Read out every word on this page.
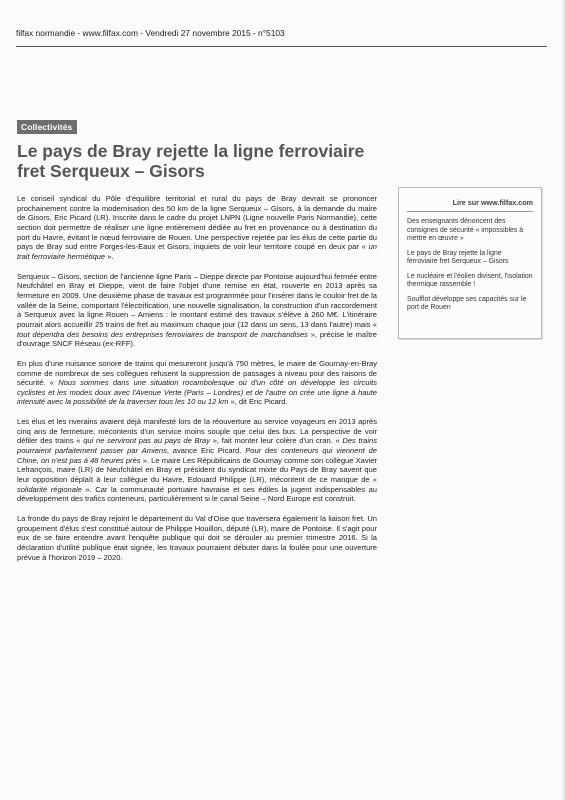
filfax normandie - www.filfax.com - Vendredi 27 novembre 2015 - n°5103
Collectivités
Le pays de Bray rejette la ligne ferroviaire fret Serqueux – Gisors

Le conseil syndical du Pôle d'équilibre territorial et rural du pays de Bray devrait se prononcer prochainement contre la modernisation des 50 km de la ligne Serqueux – Gisors, à la demande du maire de Gisors, Eric Picard (LR). Inscrite dans le cadre du projet LNPN (Ligne nouvelle Paris Normandie), cette section doit permettre de réaliser une ligne entièrement dédiée au fret en provenance ou à destination du port du Havre, évitant le nœud ferroviaire de Rouen. Une perspective rejetée par les élus de cette partie du pays de Bray sud entre Forges-les-Eaux et Gisors, inquiets de voir leur territoire coupé en deux par « un trait ferroviaire hermétique ».

Serqueux – Gisors, section de l'ancienne ligne Paris – Dieppe directe par Pontoise aujourd'hui fermée entre Neufchâtel en Bray et Dieppe, vient de faire l'objet d'une remise en état, rouverte en 2013 après sa fermeture en 2009. Une deuxième phase de travaux est programmée pour l'insérer dans le couloir fret de la vallée de la Seine, comportant l'électrification, une nouvelle signalisation, la construction d'un raccordement à Serqueux avec la ligne Rouen – Amiens : le montant estimé des travaux s'élève à 260 M€. L'itinéraire pourrait alors accueillir 25 trains de fret au maximum chaque jour (12 dans un sens, 13 dans l'autre) mais « tout dépendra des besoins des entreprises ferroviaires de transport de marchandises », précise le maître d'ouvrage SNCF Réseau (ex-RFF).

En plus d'une nuisance sonore de trains qui mesureront jusqu'à 750 mètres, le maire de Gournay-en-Bray comme de nombreux de ses collègues refusent la suppression de passages à niveau pour des raisons de sécurité. « Nous sommes dans une situation rocambolesque où d'un côté on développe les circuits cyclistes et les modes doux avec l'Avenue Verte (Paris – Londres) et de l'autre on crée une ligne à haute intensité avec la possibilité de la traverser tous les 10 ou 12 km », dit Eric Picard.

Les élus et les riverains avaient déjà manifesté lors de la réouverture au service voyageurs en 2013 après cinq ans de fermeture, mécontents d'un service moins souple que celui des bus. La perspective de voir défiler des trains « qui ne serviront pas au pays de Bray », fait monter leur colère d'un cran. « Des trains pourraient parfaitement passer par Amiens, avance Eric Picard. Pour des conteneurs qui viennent de Chine, on n'est pas à 48 heures près ». Le maire Les Républicains de Gournay comme son collègue Xavier Lefrançois, maire (LR) de Neufchâtel en Bray et président du syndicat mixte du Pays de Bray savent que leur opposition déplaît à leur collègue du Havre, Edouard Philippe (LR), mécontent de ce manque de « solidarité régionale ». Car la communauté portuaire havraise et ses édiles la jugent indispensables au développement des trafics conteneurs, particulièrement si le canal Seine – Nord Europe est construit.

La fronde du pays de Bray rejoint le département du Val d'Oise que traversera également la liaison fret. Un groupement d'élus s'est constitué autour de Philippe Houillon, député (LR), maire de Pontoise. Il s'agit pour eux de se faire entendre avant l'enquête publique qui doit se dérouler au premier trimestre 2016. Si la déclaration d'utilité publique était signée, les travaux pourraient débuter dans la foulée pour une ouverture prévue à l'horizon 2019 – 2020.

Lire sur www.filfax.com
Des enseignants dénoncent des consignes de sécurité « impossibles à mettre en œuvre »
Le pays de Bray rejette la ligne ferroviaire fret Serqueux – Gisors
Le nucléaire et l'éolien divisent, l'isolation thermique rassemble !
Soufflot développe ses capacités sur le port de Rouen
